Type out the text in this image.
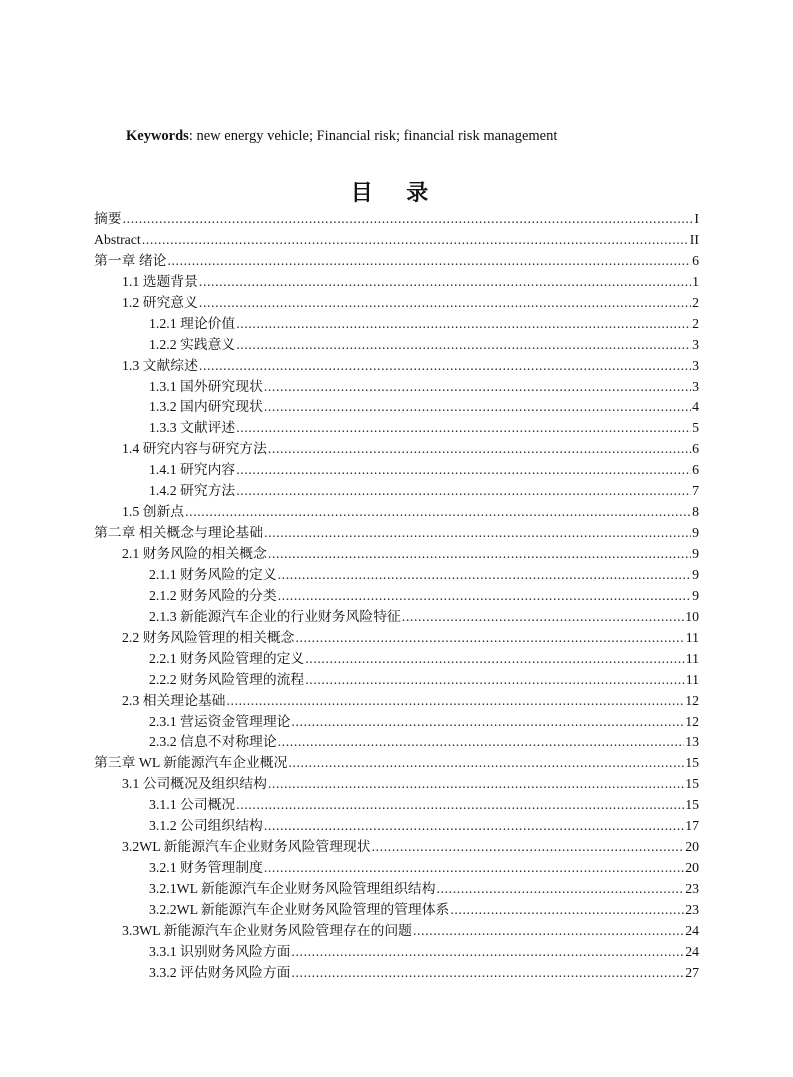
Keywords: new energy vehicle; Financial risk; financial risk management
目 录
摘要 .....	I
Abstract .....	II
第一章 绪论 .....	6
1.1 选题背景 .....	1
1.2 研究意义 .....	2
1.2.1 理论价值 .....	2
1.2.2 实践意义 .....	3
1.3 文献综述 .....	3
1.3.1 国外研究现状 .....	3
1.3.2 国内研究现状 .....	4
1.3.3 文献评述 .....	5
1.4 研究内容与研究方法 .....	6
1.4.1 研究内容 .....	6
1.4.2 研究方法 .....	7
1.5 创新点 .....	8
第二章 相关概念与理论基础 .....	9
2.1 财务风险的相关概念 .....	9
2.1.1 财务风险的定义 .....	9
2.1.2 财务风险的分类 .....	9
2.1.3 新能源汽车企业的行业财务风险特征 .....	10
2.2 财务风险管理的相关概念 .....	11
2.2.1 财务风险管理的定义 .....	11
2.2.2 财务风险管理的流程 .....	11
2.3 相关理论基础 .....	12
2.3.1 营运资金管理理论 .....	12
2.3.2 信息不对称理论 .....	13
第三章 WL 新能源汽车企业概况 .....	15
3.1 公司概况及组织结构 .....	15
3.1.1 公司概况 .....	15
3.1.2 公司组织结构 .....	17
3.2WL 新能源汽车企业财务风险管理现状 .....	20
3.2.1 财务管理制度 .....	20
3.2.1WL 新能源汽车企业财务风险管理组织结构 .....	23
3.2.2WL 新能源汽车企业财务风险管理的管理体系 .....	23
3.3WL 新能源汽车企业财务风险管理存在的问题 .....	24
3.3.1 识别财务风险方面 .....	24
3.3.2 评估财务风险方面 .....	27
